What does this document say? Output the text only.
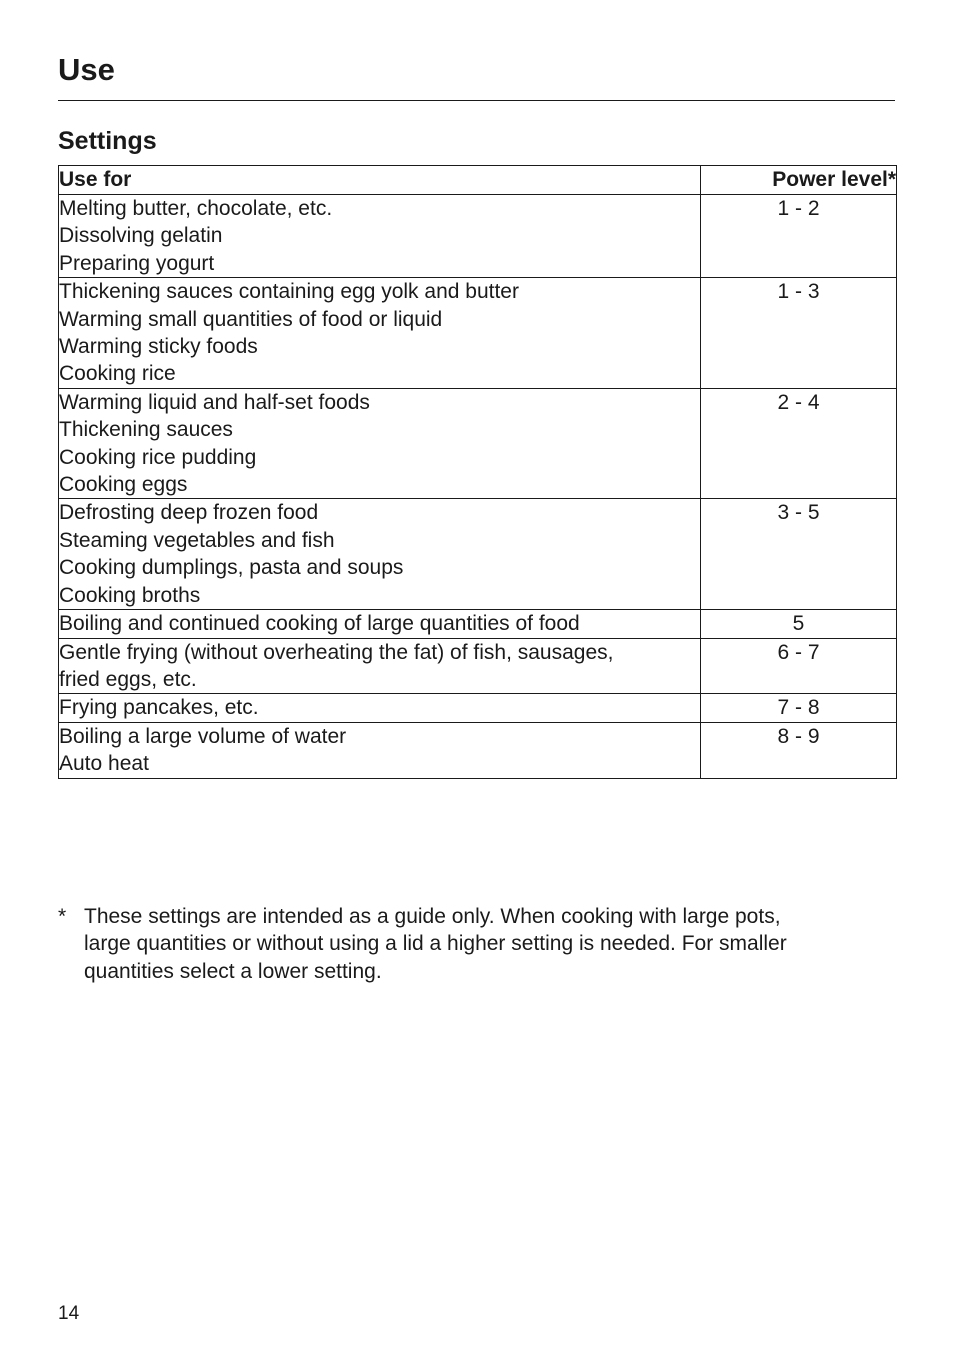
Use
Settings
Use for	Power level*

Melting butter, chocolate, etc.
Dissolving gelatin
Preparing yogurt	1 - 2

Thickening sauces containing egg yolk and butter
Warming small quantities of food or liquid
Warming sticky foods
Cooking rice	1 - 3

Warming liquid and half-set foods
Thickening sauces
Cooking rice pudding
Cooking eggs	2 - 4

Defrosting deep frozen food
Steaming vegetables and fish
Cooking dumplings, pasta and soups
Cooking broths	3 - 5

Boiling and continued cooking of large quantities of food	5

Gentle frying (without overheating the fat) of fish, sausages,
fried eggs, etc.	6 - 7

Frying pancakes, etc.	7 - 8

Boiling a large volume of water
Auto heat	8 - 9
* These settings are intended as a guide only. When cooking with large pots,
large quantities or without using a lid a higher setting is needed. For smaller
quantities select a lower setting.
14
